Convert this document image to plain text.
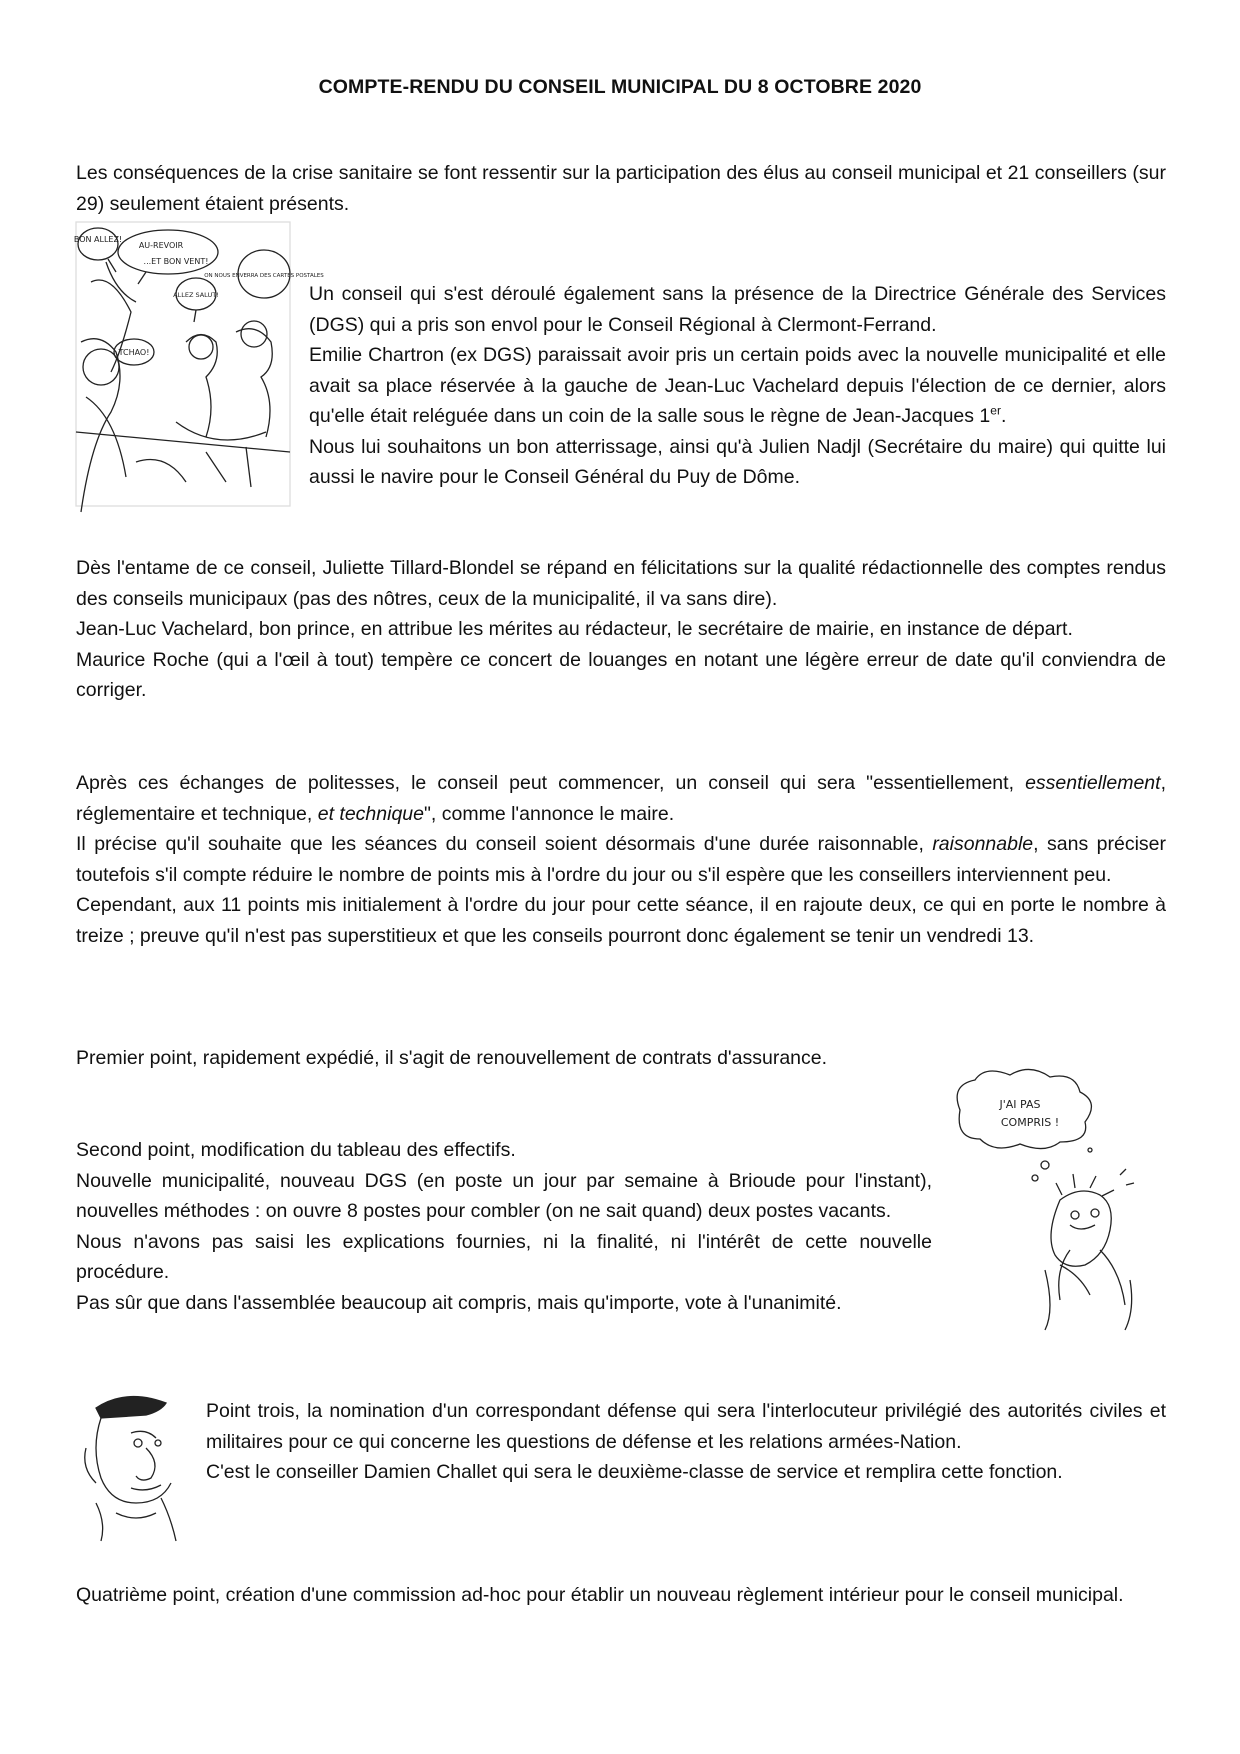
COMPTE-RENDU DU CONSEIL MUNICIPAL DU 8 OCTOBRE 2020

Les conséquences de la crise sanitaire se font ressentir sur la participation des élus au conseil municipal et 21 conseillers (sur 29) seulement étaient présents.

BON ALLEZ!
AU-REVOIR
...ET BON VENT!
ALLEZ SALUT!
ON NOUS ENVERRA DES CARTES POSTALES
TCHAO!

Un conseil qui s'est déroulé également sans la présence de la Directrice Générale des Services (DGS) qui a pris son envol pour le Conseil Régional à Clermont-Ferrand.

Emilie Chartron (ex DGS) paraissait avoir pris un certain poids avec la nouvelle municipalité et elle avait sa place réservée à la gauche de Jean-Luc Vachelard depuis l'élection de ce dernier, alors qu'elle était reléguée dans un coin de la salle sous le règne de Jean-Jacques 1er.

Nous lui souhaitons un bon atterrissage, ainsi qu'à Julien Nadjl (Secrétaire du maire) qui quitte lui aussi le navire pour le Conseil Général du Puy de Dôme.

Dès l'entame de ce conseil, Juliette Tillard-Blondel se répand en félicitations sur la qualité rédactionnelle des comptes rendus des conseils municipaux (pas des nôtres, ceux de la municipalité, il va sans dire).

Jean-Luc Vachelard, bon prince, en attribue les mérites au rédacteur, le secrétaire de mairie, en instance de départ.

Maurice Roche (qui a l'œil à tout) tempère ce concert de louanges en notant une légère erreur de date qu'il conviendra de corriger.

Après ces échanges de politesses, le conseil peut commencer, un conseil qui sera "essentiellement, essentiellement, réglementaire et technique, et technique", comme l'annonce le maire.

Il précise qu'il souhaite que les séances du conseil soient désormais d'une durée raisonnable, raisonnable, sans préciser toutefois s'il compte réduire le nombre de points mis à l'ordre du jour ou s'il espère que les conseillers interviennent peu.

Cependant, aux 11 points mis initialement à l'ordre du jour pour cette séance, il en rajoute deux, ce qui en porte le nombre à treize ; preuve qu'il n'est pas superstitieux et que les conseils pourront donc également se tenir un vendredi 13.

Premier point, rapidement expédié, il s'agit de renouvellement de contrats d'assurance.

Second point, modification du tableau des effectifs.

Nouvelle municipalité, nouveau DGS (en poste un jour par semaine à Brioude pour l'instant), nouvelles méthodes : on ouvre 8 postes pour combler (on ne sait quand) deux postes vacants.

Nous n'avons pas saisi les explications fournies, ni la finalité, ni l'intérêt de cette nouvelle procédure.

Pas sûr que dans l'assemblée beaucoup ait compris, mais qu'importe, vote à l'unanimité.

J'AI PAS
COMPRIS !

Point trois, la nomination d'un correspondant défense qui sera l'interlocuteur privilégié des autorités civiles et militaires pour ce qui concerne les questions de défense et les relations armées-Nation.

C'est le conseiller Damien Challet qui sera le deuxième-classe de service et remplira cette fonction.

Quatrième point, création d'une commission ad-hoc pour établir un nouveau règlement intérieur pour le conseil municipal.
